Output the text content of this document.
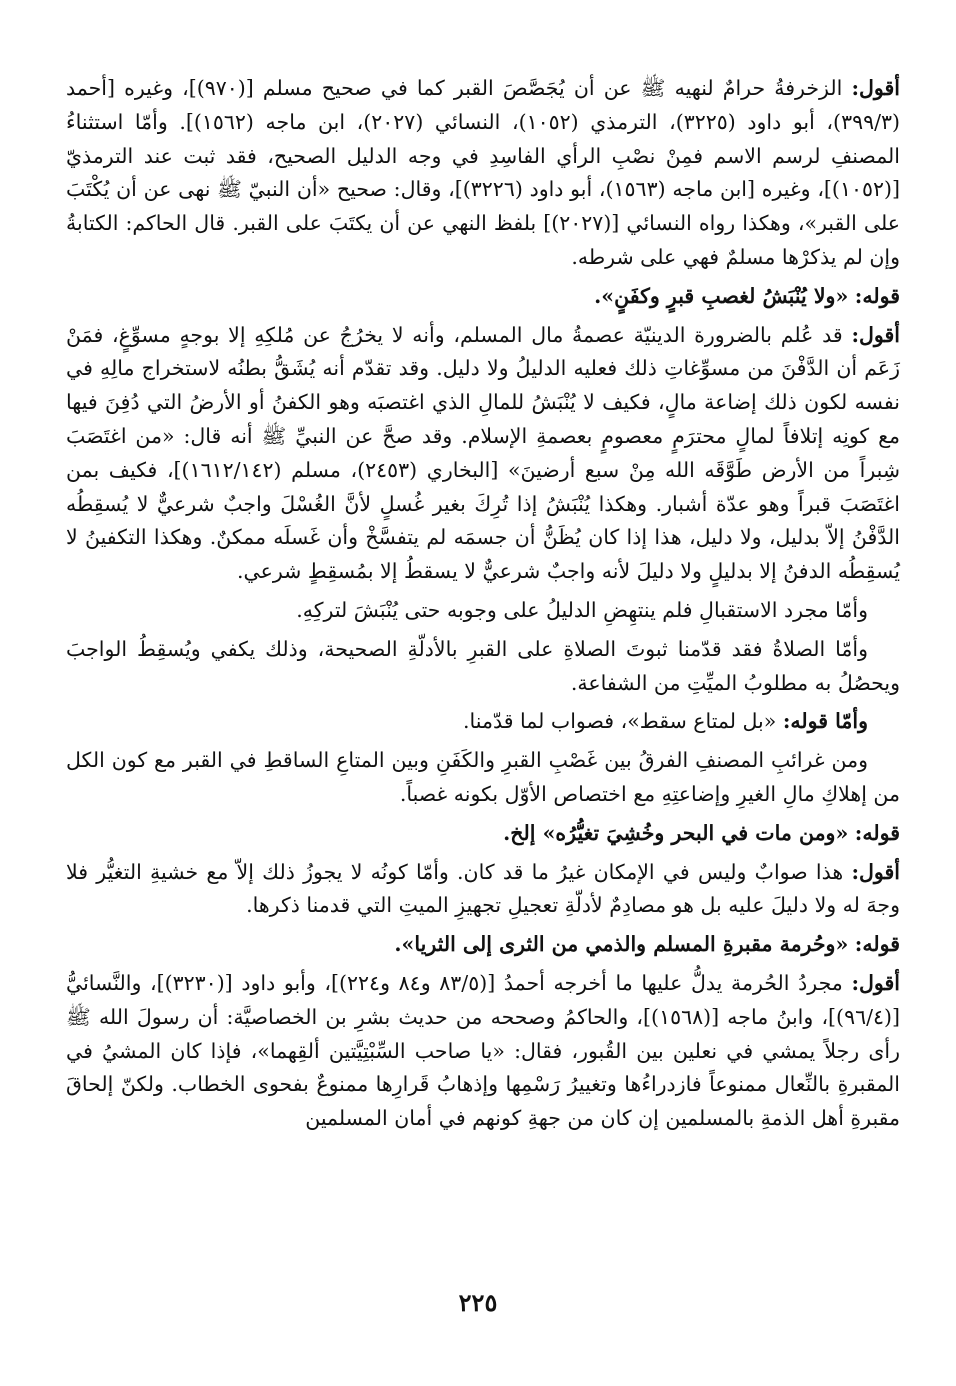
أقول: الزخرفةُ حرامٌ لنهيه ﷺ عن أن يُجَصَّصَ القبر كما في صحيح مسلم [(٩٧٠)]، وغيره [أحمد (٣٩٩/٣)، أبو داود (٣٢٢٥)، الترمذي (١٠٥٢)، النسائي (٢٠٢٧)، ابن ماجه (١٥٦٢)]. وأمّا استثناءُ المصنفِ لرسم الاسم فمِنْ نصْبِ الرأي الفاسِدِ في وجه الدليل الصحيح، فقد ثبت عند الترمذيّ [(١٠٥٢)]، وغيره [ابن ماجه (١٥٦٣)، أبو داود (٣٢٢٦)]، وقال: صحيح «أن النبيّ ﷺ نهى عن أن يُكْتَبَ على القبر»، وهكذا رواه النسائي [(٢٠٢٧)] بلفظ النهي عن أن يكتَبَ على القبر. قال الحاكم: الكتابةُ وإن لم يذكرْها مسلمٌ فهي على شرطه.

قوله: «ولا يُنْبَشُ لغصبِ قبرٍ وكفَنٍ».

أقول: قد عُلم بالضرورة الدينيّة عصمةُ مال المسلم، وأنه لا يخرُجُ عن مُلكِهِ إلا بوجهٍ مسوِّغٍ، فمَنْ زَعَم أن الدَّفْنَ من مسوِّغاتِ ذلك فعليه الدليلُ ولا دليل. وقد تقدّم أنه يُشَقُّ بطنُه لاستخراج مالِهِ في نفسه لكون ذلك إضاعة مالٍ، فكيف لا يُنْبَشُ للمالِ الذي اغتصبَه وهو الكفنُ أو الأرضُ التي دُفِنَ فيها مع كونِه إتلافاً لمالٍ محترَمٍ معصومٍ بعصمةِ الإسلام. وقد صحَّ عن النبيِّ ﷺ أنه قال: «من اغتَصَبَ شِبراً من الأرض طَوَّقَه الله مِنْ سبع أرضينَ» [البخاري (٢٤٥٣)، مسلم (١٦١٢/١٤٢)]، فكيف بمن اغتَصَبَ قبراً وهو عدّة أشبار. وهكذا يُنْبَشُ إذا تُرِكَ بغير غُسلٍ لأنَّ الغُسْلَ واجبٌ شرعيٌّ لا يُسقِطُه الدَّفْنُ إلاّ بدليل، ولا دليل، هذا إذا كان يُظَنُّ أن جسمَه لم يتفسَّخْ وأن غَسلَه ممكنٌ. وهكذا التكفينُ لا يُسقِطُه الدفنُ إلا بدليلٍ ولا دليلَ لأنه واجبٌ شرعيٌّ لا يسقطُ إلا بمُسقِطٍ شرعي.

وأمّا مجرد الاستقبالِ فلم ينتهِضِ الدليلُ على وجوبه حتى يُنْبَشَ لتركِهِ.

وأمّا الصلاةُ فقد قدّمنا ثبوتَ الصلاةِ على القبرِ بالأدلّةِ الصحيحة، وذلك يكفي ويُسقِطُ الواجبَ ويحصُلُ به مطلوبُ الميِّتِ من الشفاعة.

وأمّا قوله: «بل لمتاع سقط»، فصواب لما قدّمنا.

ومن غرائبِ المصنفِ الفرقُ بين غَصْبِ القبرِ والكَفَنِ وبين المتاعِ الساقطِ في القبر مع كون الكل من إهلاكِ مالِ الغيرِ وإضاعتِهِ مع اختصاص الأوّل بكونه غصباً.

قوله: «ومن مات في البحر وخُشِيَ تغيُّرُه» إلخ.

أقول: هذا صوابٌ وليس في الإمكان غيرُ ما قد كان. وأمّا كونُه لا يجوزُ ذلك إلاّ مع خشيةِ التغيُّر فلا وجهَ له ولا دليلَ عليه بل هو مصادِمٌ لأدلّةِ تعجيلِ تجهيزِ الميتِ التي قدمنا ذكرها.

قوله: «وحُرمة مقبرةِ المسلم والذمي من الثرى إلى الثريا».

أقول: مجردُ الحُرمة يدلُّ عليها ما أخرجه أحمدُ [(٨٣/٥ و٨٤ و٢٢٤)]، وأبو داود [(٣٢٣٠)]، والنَّسائيُّ [(٩٦/٤)]، وابنُ ماجه [(١٥٦٨)]، والحاكمُ وصححه من حديث بشرِ بن الخصاصيَّة: أن رسولَ الله ﷺ رأى رجلاً يمشي في نعلين بين القُبور، فقال: «يا صاحب السِّبْتِيَّتين ألقِهما»، فإذا كان المشيُ في المقبرةِ بالنِّعال ممنوعاً فازدراءُها وتغييرُ رَسْمِها وإذهابُ قَرارِها ممنوعٌ بفحوى الخطاب. ولكنّ إلحاقَ مقبرةِ أهل الذمةِ بالمسلمين إن كان من جهةِ كونهم في أمان المسلمين

٢٢٥
